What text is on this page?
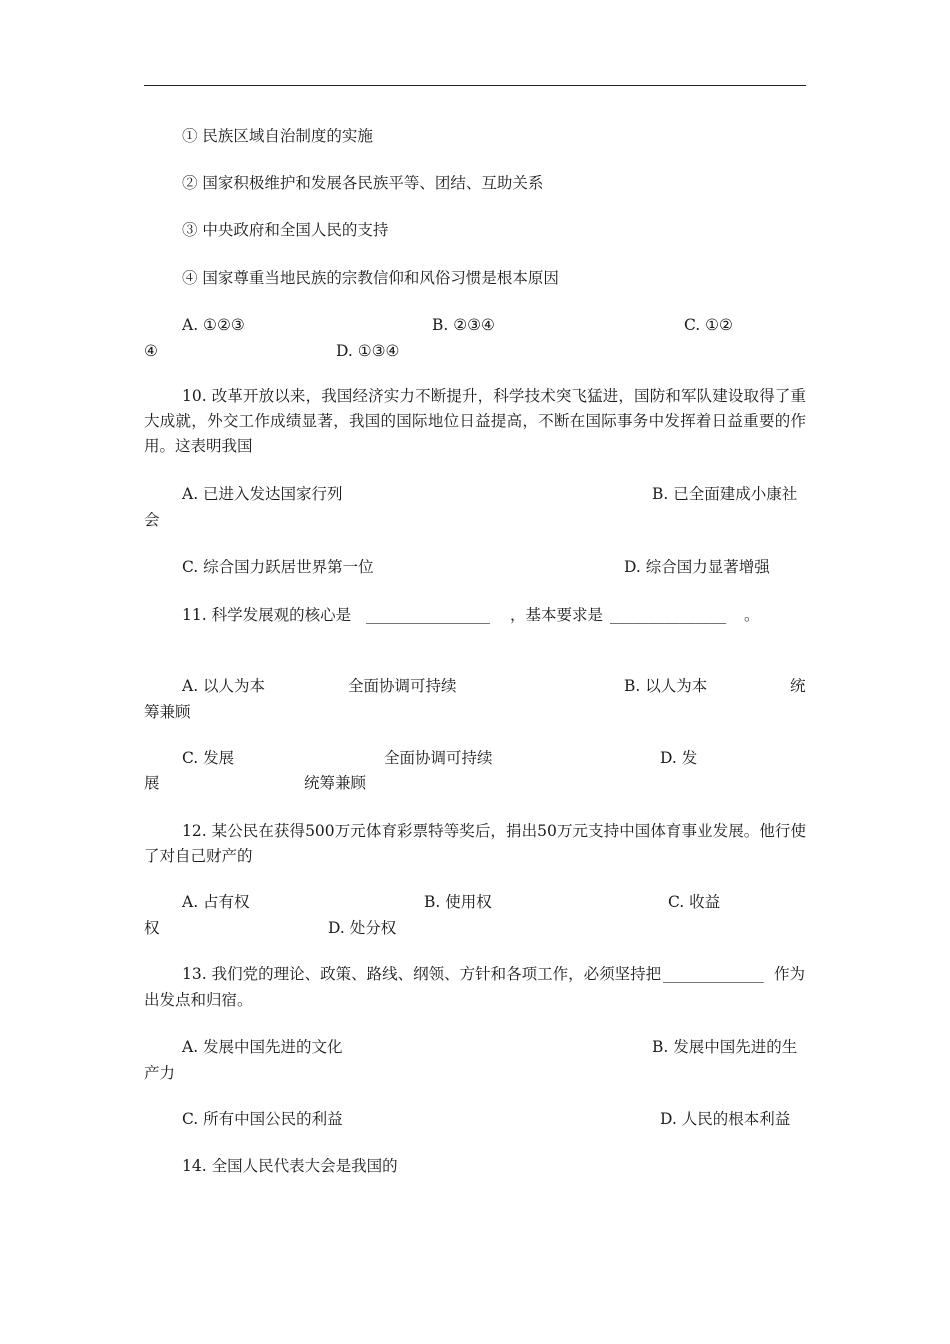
① 民族区域自治制度的实施
② 国家积极维护和发展各民族平等、团结、互助关系
③ 中央政府和全国人民的支持
④ 国家尊重当地民族的宗教信仰和风俗习惯是根本原因
A. ①②③	B. ②③④	C. ①②
④	D. ①③④
10. 改革开放以来，我国经济实力不断提升，科学技术突飞猛进，国防和军队建设取得了重大成就，外交工作成绩显著，我国的国际地位日益提高，不断在国际事务中发挥着日益重要的作用。这表明我国
A. 已进入发达国家行列	B. 已全面建成小康社
会
C. 综合国力跃居世界第一位	D. 综合国力显著增强
11. 科学发展观的核心是 ________________ ，基本要求是 _______________ 。
A. 以人为本	全面协调可持续	B. 以人为本	统
筹兼顾
C. 发展	全面协调可持续	D. 发
展	统筹兼顾
12. 某公民在获得500万元体育彩票特等奖后，捐出50万元支持中国体育事业发展。他行使了对自己财产的
A. 占有权	B. 使用权	C. 收益
权	D. 处分权
13. 我们党的理论、政策、路线、纲领、方针和各项工作，必须坚持把 _____________ 作为
出发点和归宿。
A. 发展中国先进的文化	B. 发展中国先进的生
产力
C. 所有中国公民的利益	D. 人民的根本利益
14. 全国人民代表大会是我国的
